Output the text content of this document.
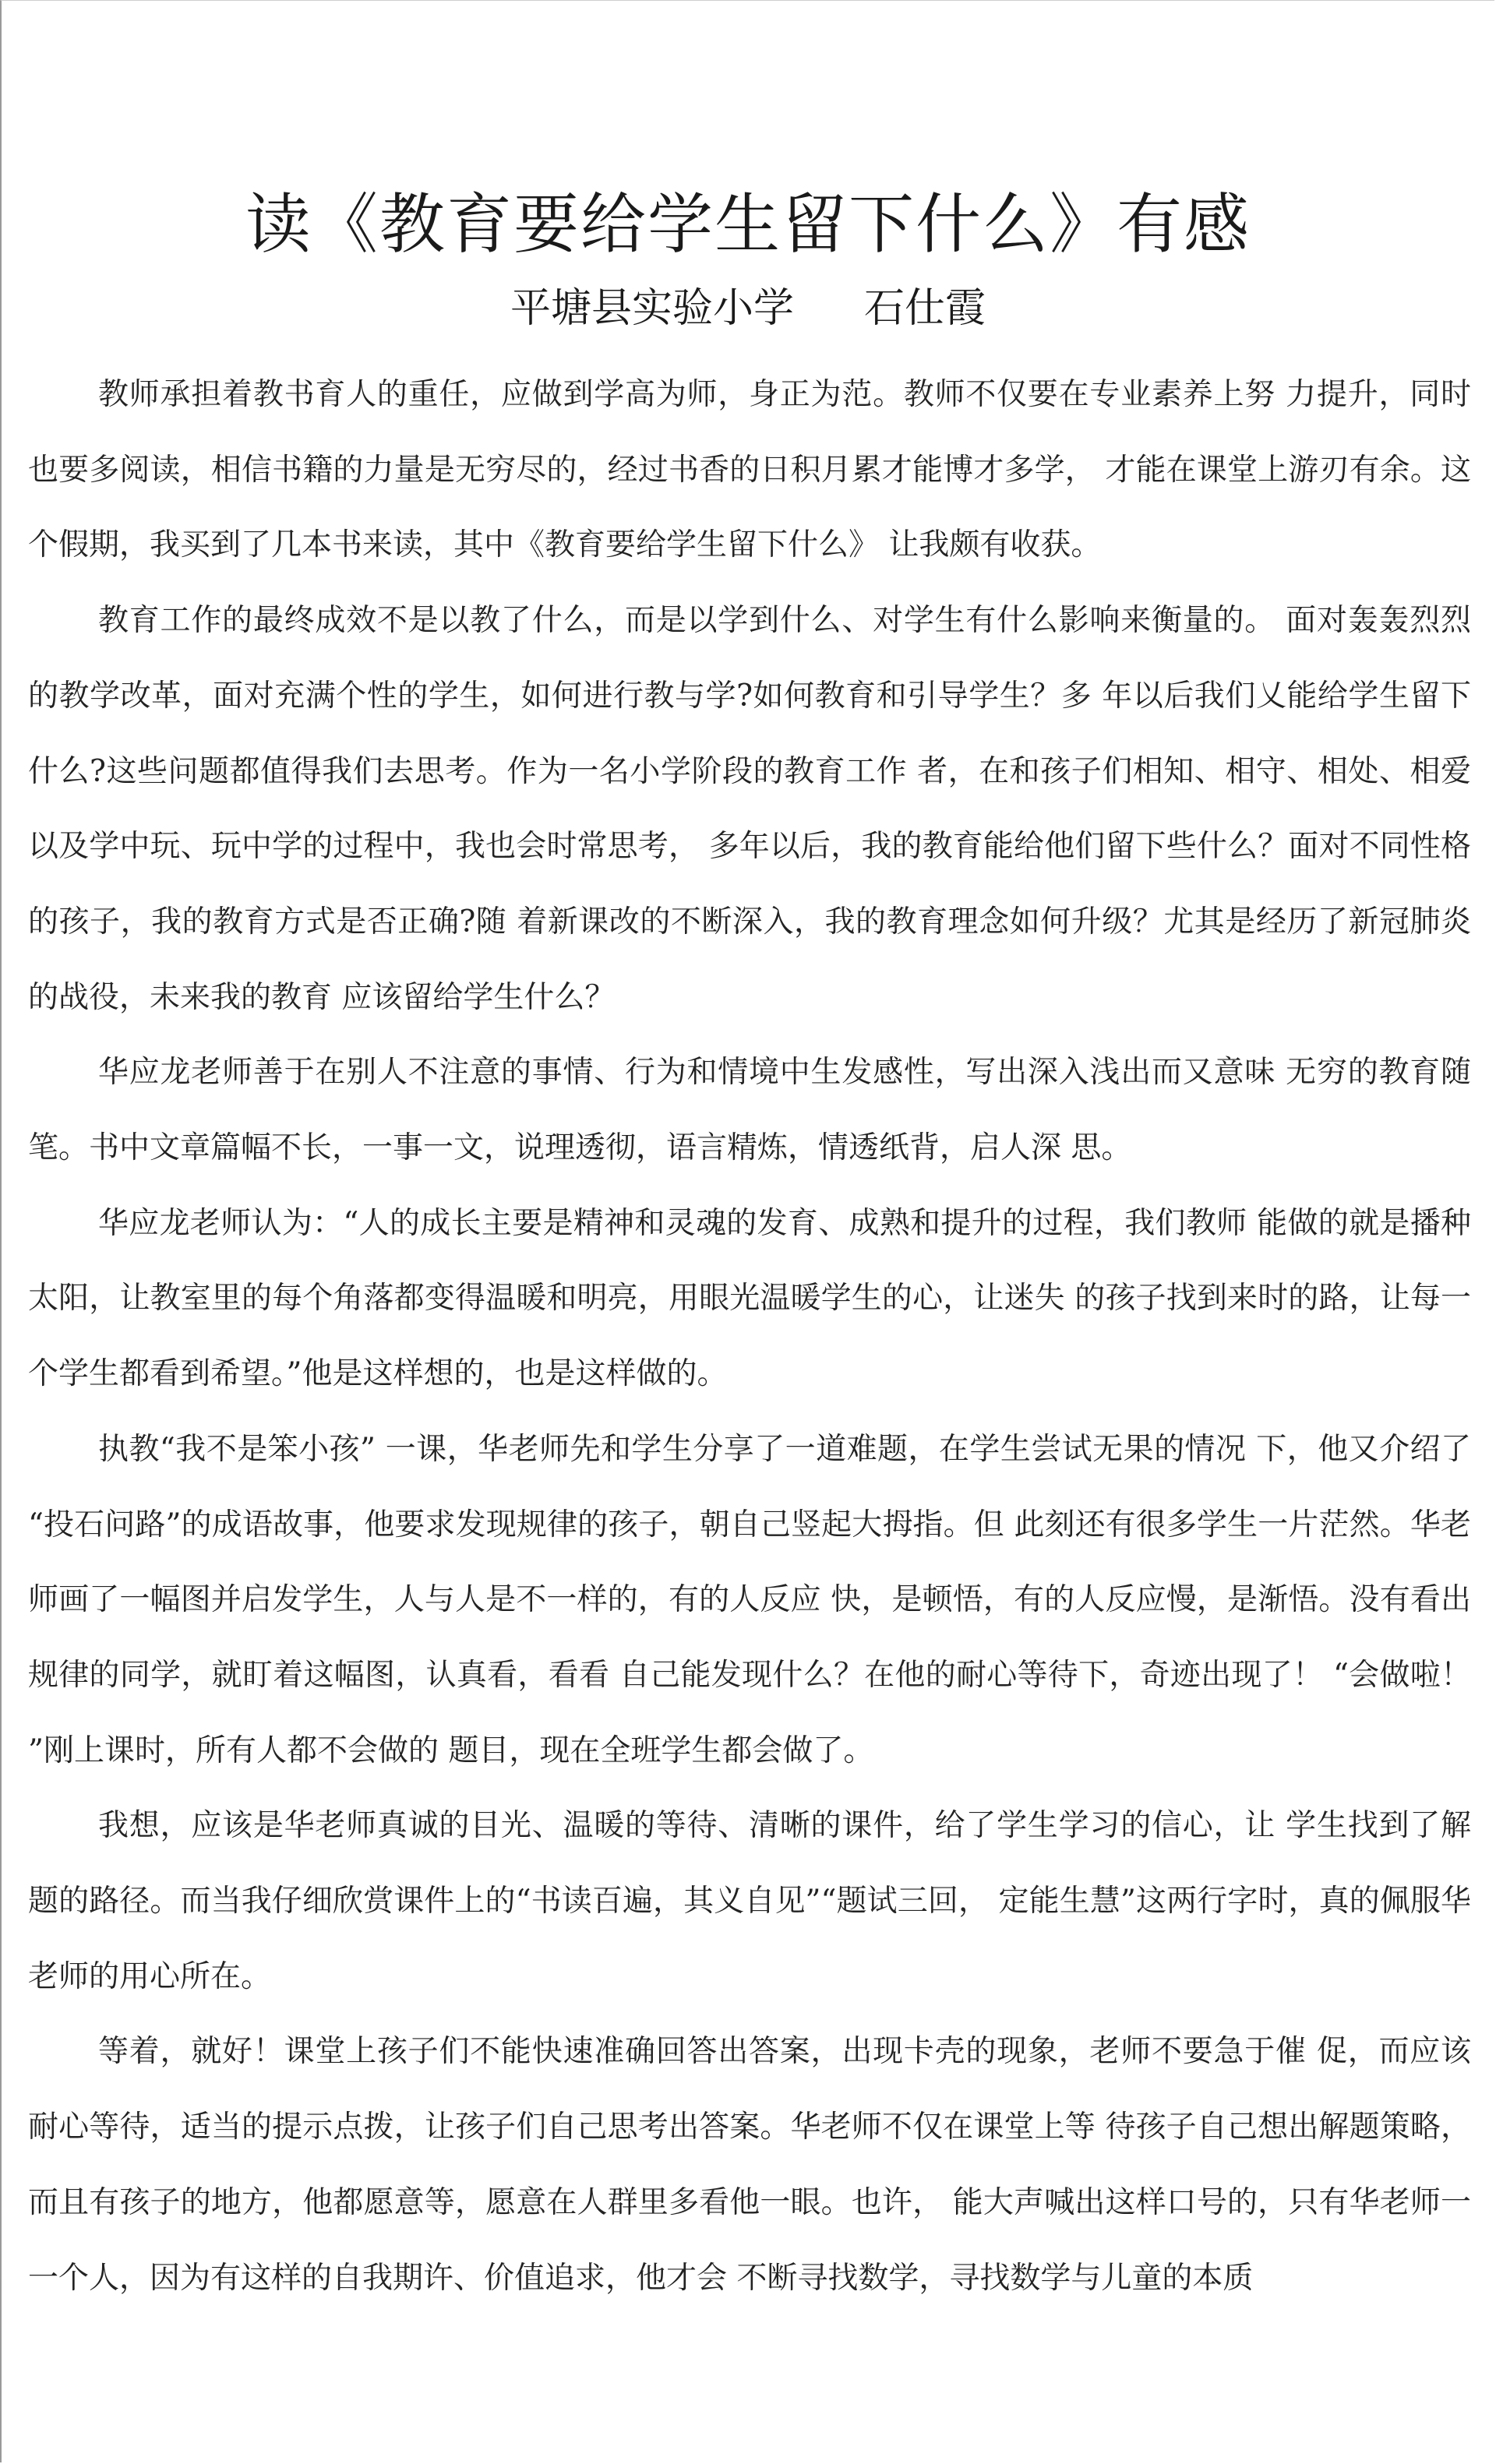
读《教育要给学生留下什么》有感
平塘县实验小学 石仕霞

教师承担着教书育人的重任，应做到学高为师，身正为范。教师不仅要在专业素养上努 力提升，同时也要多阅读，相信书籍的力量是无穷尽的，经过书香的日积月累才能博才多学， 才能在课堂上游刃有余。这个假期，我买到了几本书来读，其中《教育要给学生留下什么》 让我颇有收获。

教育工作的最终成效不是以教了什么，而是以学到什么、对学生有什么影响来衡量的。 面对轰轰烈烈的教学改革，面对充满个性的学生，如何进行教与学?如何教育和引导学生？多 年以后我们乂能给学生留下什么?这些问题都值得我们去思考。作为一名小学阶段的教育工作 者，在和孩子们相知、相守、相处、相爱以及学中玩、玩中学的过程中，我也会时常思考， 多年以后，我的教育能给他们留下些什么？面对不同性格的孩子，我的教育方式是否正确?随 着新课改的不断深入，我的教育理念如何升级？尤其是经历了新冠肺炎的战役，未来我的教育 应该留给学生什么？

华应龙老师善于在别人不注意的事情、行为和情境中生发感性，写出深入浅出而又意味 无穷的教育随笔。书中文章篇幅不长，一事一文，说理透彻，语言精炼，情透纸背，启人深 思。

华应龙老师认为：“人的成长主要是精神和灵魂的发育、成熟和提升的过程，我们教师 能做的就是播种太阳，让教室里的每个角落都变得温暖和明亮，用眼光温暖学生的心，让迷失 的孩子找到来时的路，让每一个学生都看到希望。”他是这样想的，也是这样做的。

执教“我不是笨小孩” 一课，华老师先和学生分享了一道难题，在学生尝试无果的情况 下，他又介绍了 “投石问路”的成语故事，他要求发现规律的孩子，朝自己竖起大拇指。但 此刻还有很多学生一片茫然。华老师画了一幅图并启发学生，人与人是不一样的，有的人反应 快，是顿悟，有的人反应慢，是渐悟。没有看出规律的同学，就盯着这幅图，认真看，看看 自己能发现什么？在他的耐心等待下，奇迹出现了！ “会做啦！ ”刚上课时，所有人都不会做的 题目，现在全班学生都会做了。

我想，应该是华老师真诚的目光、温暖的等待、清晰的课件，给了学生学习的信心，让 学生找到了解题的路径。而当我仔细欣赏课件上的“书读百遍，其义自见”“题试三回， 定能生慧”这两行字时，真的佩服华老师的用心所在。

等着，就好！课堂上孩子们不能快速准确回答出答案，出现卡壳的现象，老师不要急于催 促，而应该耐心等待，适当的提示点拨，让孩子们自己思考出答案。华老师不仅在课堂上等 待孩子自己想出解题策略，而且有孩子的地方，他都愿意等，愿意在人群里多看他一眼。也许， 能大声喊出这样口号的，只有华老师一一个人，因为有这样的自我期许、价值追求，他才会 不断寻找数学，寻找数学与儿童的本质
